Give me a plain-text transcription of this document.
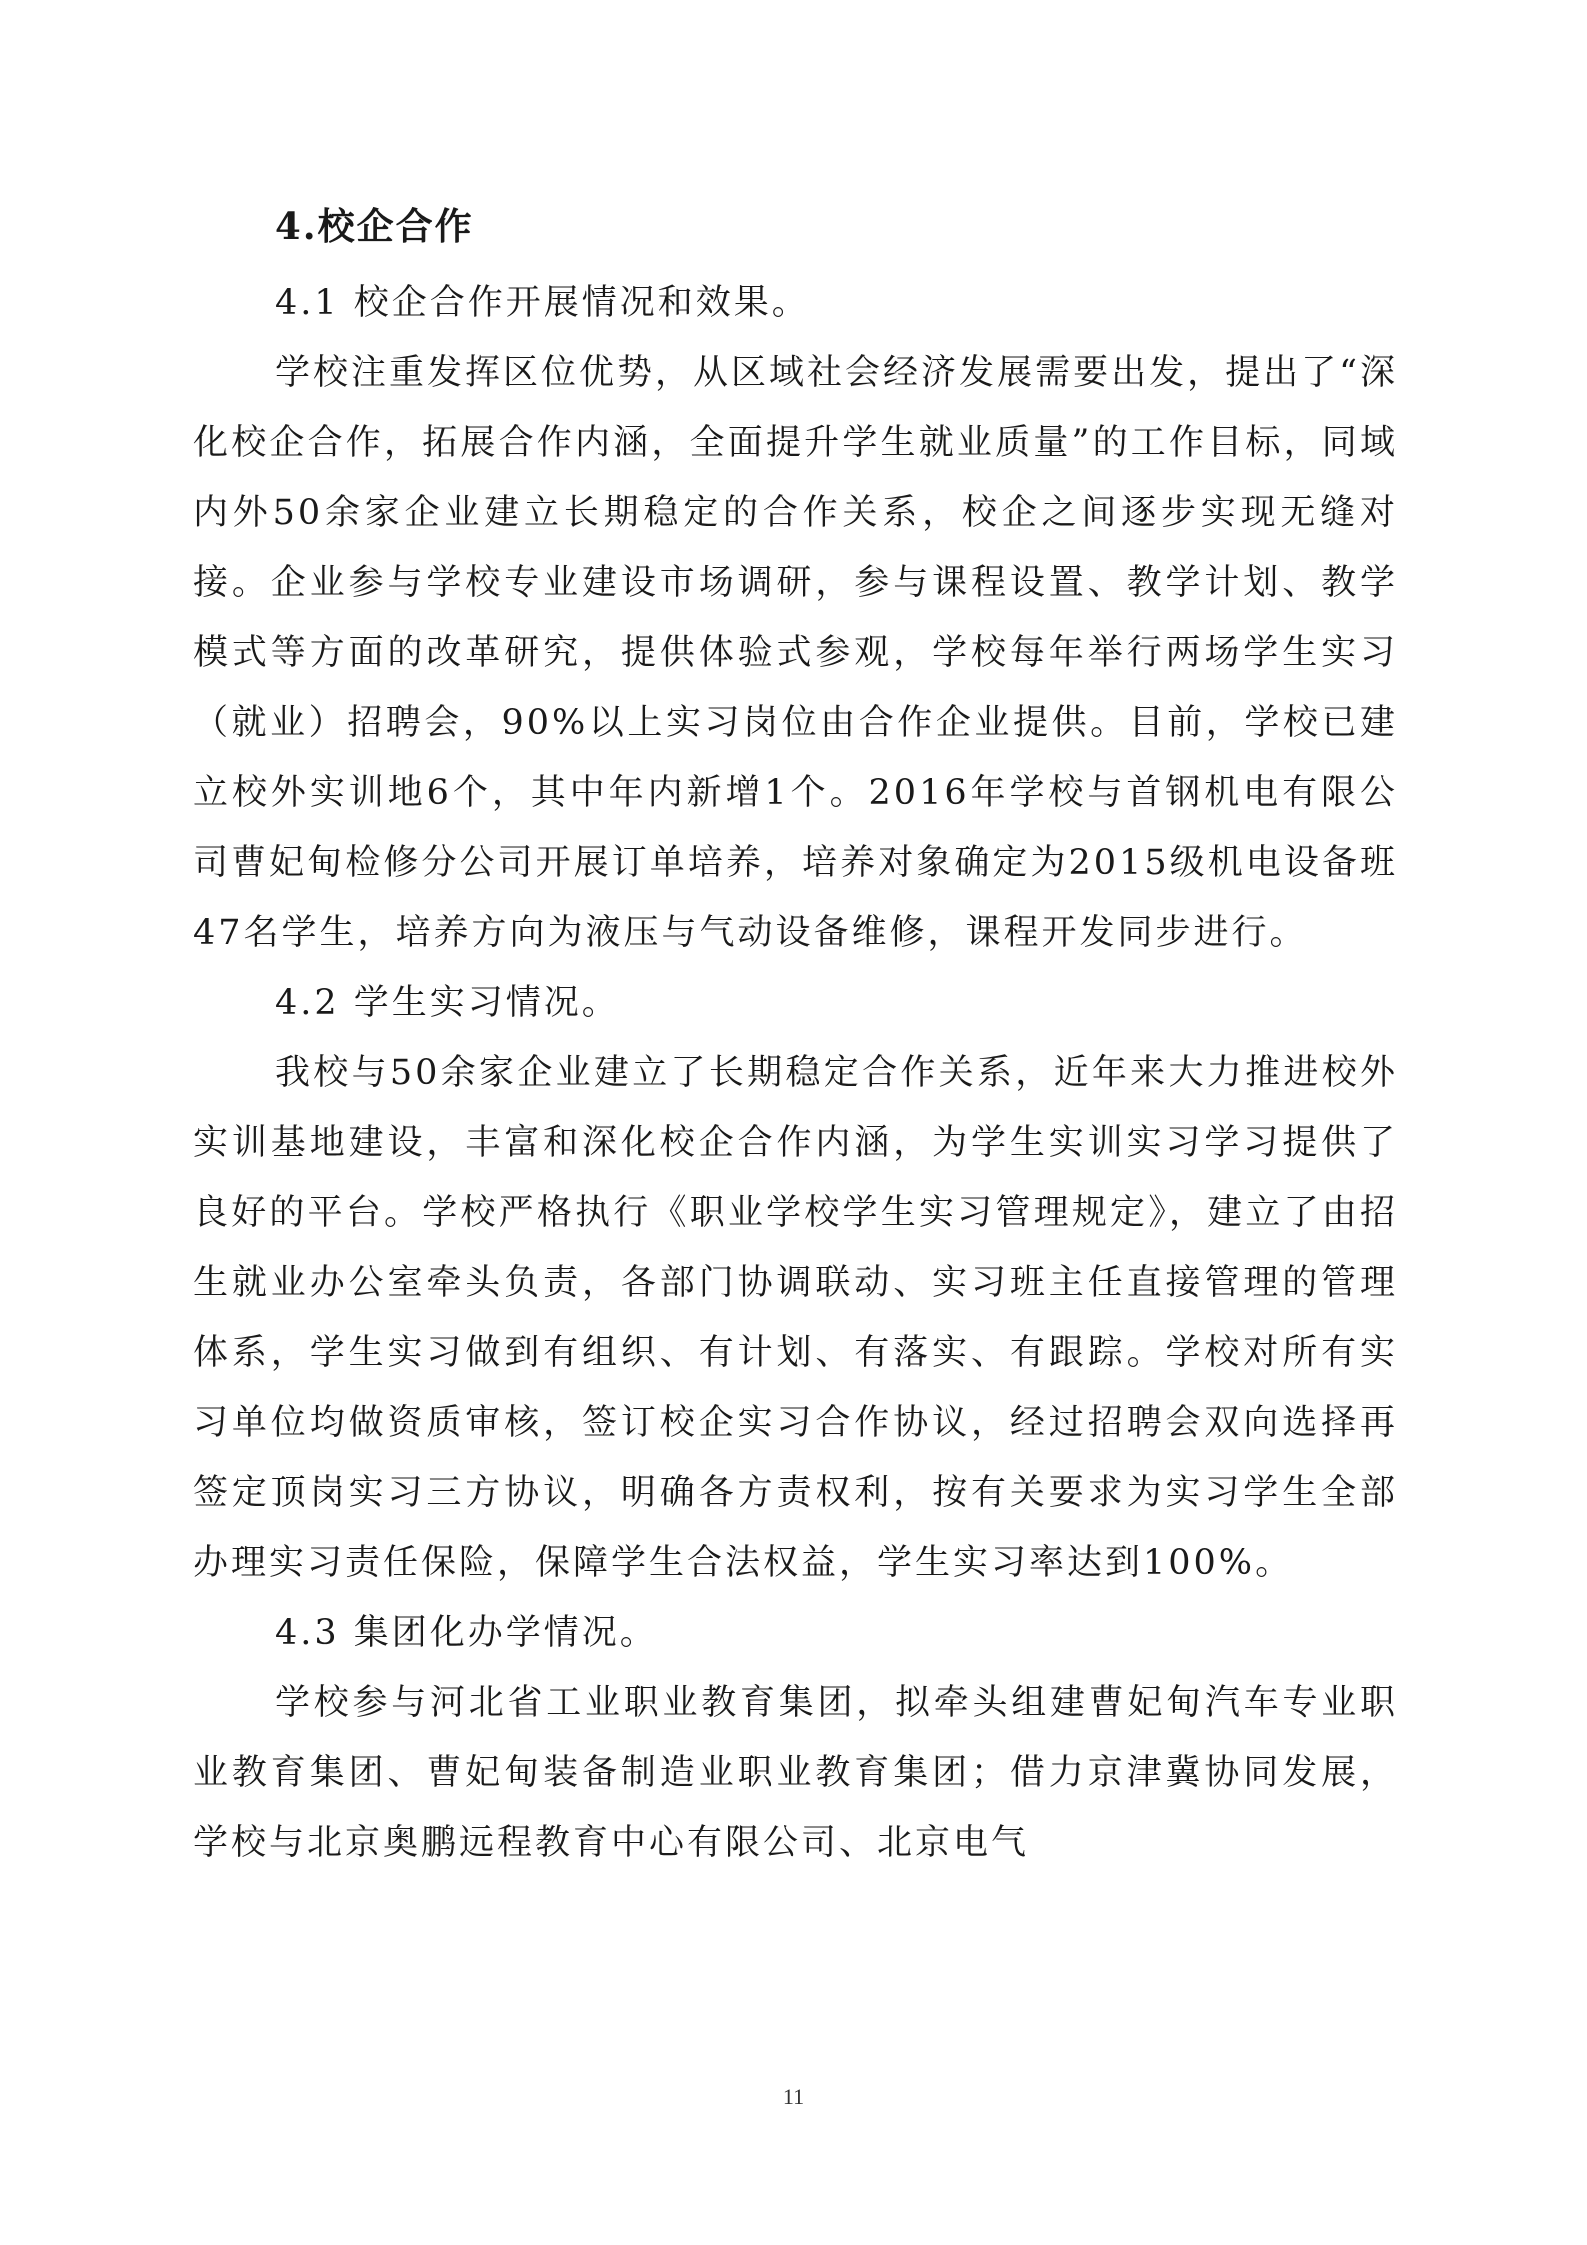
4.校企合作
4.1 校企合作开展情况和效果。

学校注重发挥区位优势，从区域社会经济发展需要出发，提出了“深化校企合作，拓展合作内涵，全面提升学生就业质量”的工作目标，同域内外50余家企业建立长期稳定的合作关系，校企之间逐步实现无缝对接。企业参与学校专业建设市场调研，参与课程设置、教学计划、教学模式等方面的改革研究，提供体验式参观，学校每年举行两场学生实习（就业）招聘会，90%以上实习岗位由合作企业提供。目前，学校已建立校外实训地6个，其中年内新增1个。2016年学校与首钢机电有限公司曹妃甸检修分公司开展订单培养，培养对象确定为2015级机电设备班47名学生，培养方向为液压与气动设备维修，课程开发同步进行。

4.2 学生实习情况。

我校与50余家企业建立了长期稳定合作关系，近年来大力推进校外实训基地建设，丰富和深化校企合作内涵，为学生实训实习学习提供了良好的平台。学校严格执行《职业学校学生实习管理规定》，建立了由招生就业办公室牵头负责，各部门协调联动、实习班主任直接管理的管理体系，学生实习做到有组织、有计划、有落实、有跟踪。学校对所有实习单位均做资质审核，签订校企实习合作协议，经过招聘会双向选择再签定顶岗实习三方协议，明确各方责权利，按有关要求为实习学生全部办理实习责任保险，保障学生合法权益，学生实习率达到100%。

4.3 集团化办学情况。

学校参与河北省工业职业教育集团，拟牵头组建曹妃甸汽车专业职业教育集团、曹妃甸装备制造业职业教育集团；借力京津冀协同发展，学校与北京奥鹏远程教育中心有限公司、北京电气

11
